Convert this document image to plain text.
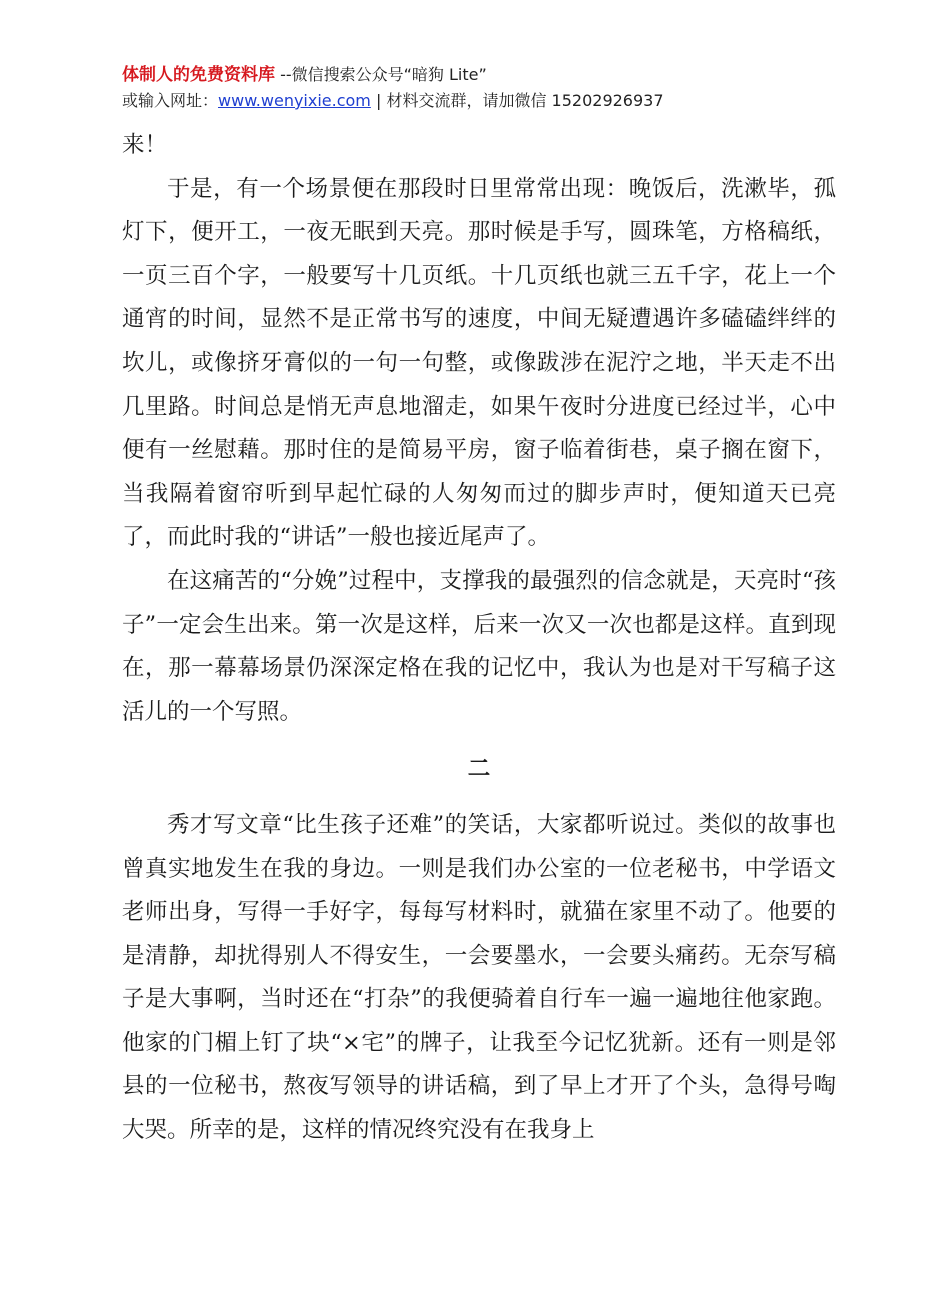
体制人的免费资料库 --微信搜索公众号“暗狗 Lite”
或输入网址：www.wenyixie.com | 材料交流群，请加微信 15202926937

来！

于是，有一个场景便在那段时日里常常出现：晚饭后，洗漱毕，孤灯下，便开工，一夜无眠到天亮。那时候是手写，圆珠笔，方格稿纸，一页三百个字，一般要写十几页纸。十几页纸也就三五千字，花上一个通宵的时间，显然不是正常书写的速度，中间无疑遭遇许多磕磕绊绊的坎儿，或像挤牙膏似的一句一句整，或像跋涉在泥泞之地，半天走不出几里路。时间总是悄无声息地溜走，如果午夜时分进度已经过半，心中便有一丝慰藉。那时住的是简易平房，窗子临着街巷，桌子搁在窗下，当我隔着窗帘听到早起忙碌的人匆匆而过的脚步声时，便知道天已亮了，而此时我的“讲话”一般也接近尾声了。

在这痛苦的“分娩”过程中，支撑我的最强烈的信念就是，天亮时“孩子”一定会生出来。第一次是这样，后来一次又一次也都是这样。直到现在，那一幕幕场景仍深深定格在我的记忆中，我认为也是对干写稿子这活儿的一个写照。

二

秀才写文章“比生孩子还难”的笑话，大家都听说过。类似的故事也曾真实地发生在我的身边。一则是我们办公室的一位老秘书，中学语文老师出身，写得一手好字，每每写材料时，就猫在家里不动了。他要的是清静，却扰得别人不得安生，一会要墨水，一会要头痛药。无奈写稿子是大事啊，当时还在“打杂”的我便骑着自行车一遍一遍地往他家跑。他家的门楣上钉了块“×宅”的牌子，让我至今记忆犹新。还有一则是邻县的一位秘书，熬夜写领导的讲话稿，到了早上才开了个头，急得号啕大哭。所幸的是，这样的情况终究没有在我身上
